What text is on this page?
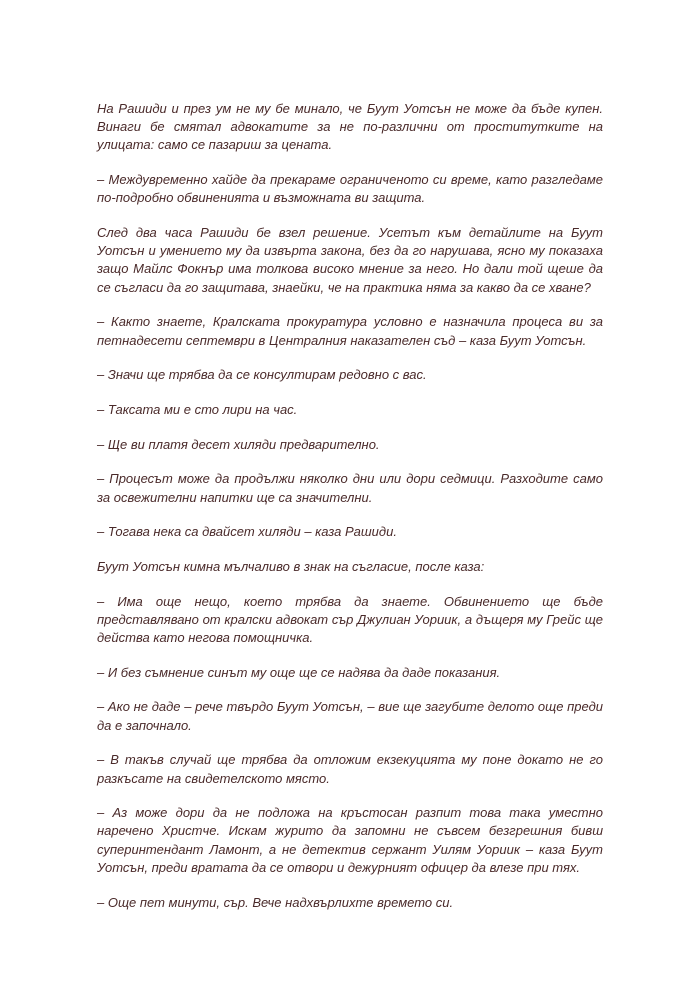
На Рашиди и през ум не му бе минало, че Буут Уотсън не може да бъде купен. Винаги бе смятал адвокатите за не по-различни от проститутките на улицата: само се пазариш за цената.

– Междувременно хайде да прекараме ограниченото си време, като разгледаме по-подробно обвиненията и възможната ви защита.

След два часа Рашиди бе взел решение. Усетът към детайлите на Буут Уотсън и умението му да извърта закона, без да го нарушава, ясно му показаха защо Майлс Фокнър има толкова високо мнение за него. Но дали той щеше да се съгласи да го защитава, знаейки, че на практика няма за какво да се хване?

– Както знаете, Кралската прокуратура условно е назначила процеса ви за петнадесети септември в Централния наказателен съд – каза Буут Уотсън.

– Значи ще трябва да се консултирам редовно с вас.

– Таксата ми е сто лири на час.

– Ще ви платя десет хиляди предварително.

– Процесът може да продължи няколко дни или дори седмици. Разходите само за освежителни напитки ще са значителни.

– Тогава нека са двайсет хиляди – каза Рашиди.

Буут Уотсън кимна мълчаливо в знак на съгласие, после каза:

– Има още нещо, което трябва да знаете. Обвинението ще бъде представлявано от кралски адвокат сър Джулиан Уорuик, а дъщеря му Грейс ще действа като негова помощничка.

– И без съмнение синът му още ще се надява да даде показания.

– Ако не даде – рече твърдо Буут Уотсън, – вие ще загубите делото още преди да е започнало.

– В такъв случай ще трябва да отложим екзекуцията му поне докато не го разкъсате на свидетелското място.

– Аз може дори да не подложа на кръстосан разпит това така уместно наречено Христче. Искам журито да запомни не съвсем безгрешния бивш суперинтендант Ламонт, а не детектив сержант Уилям Уорuик – каза Буут Уотсън, преди вратата да се отвори и дежурният офицер да влезе при тях.

– Още пет минути, сър. Вече надхвърлихте времето си.
